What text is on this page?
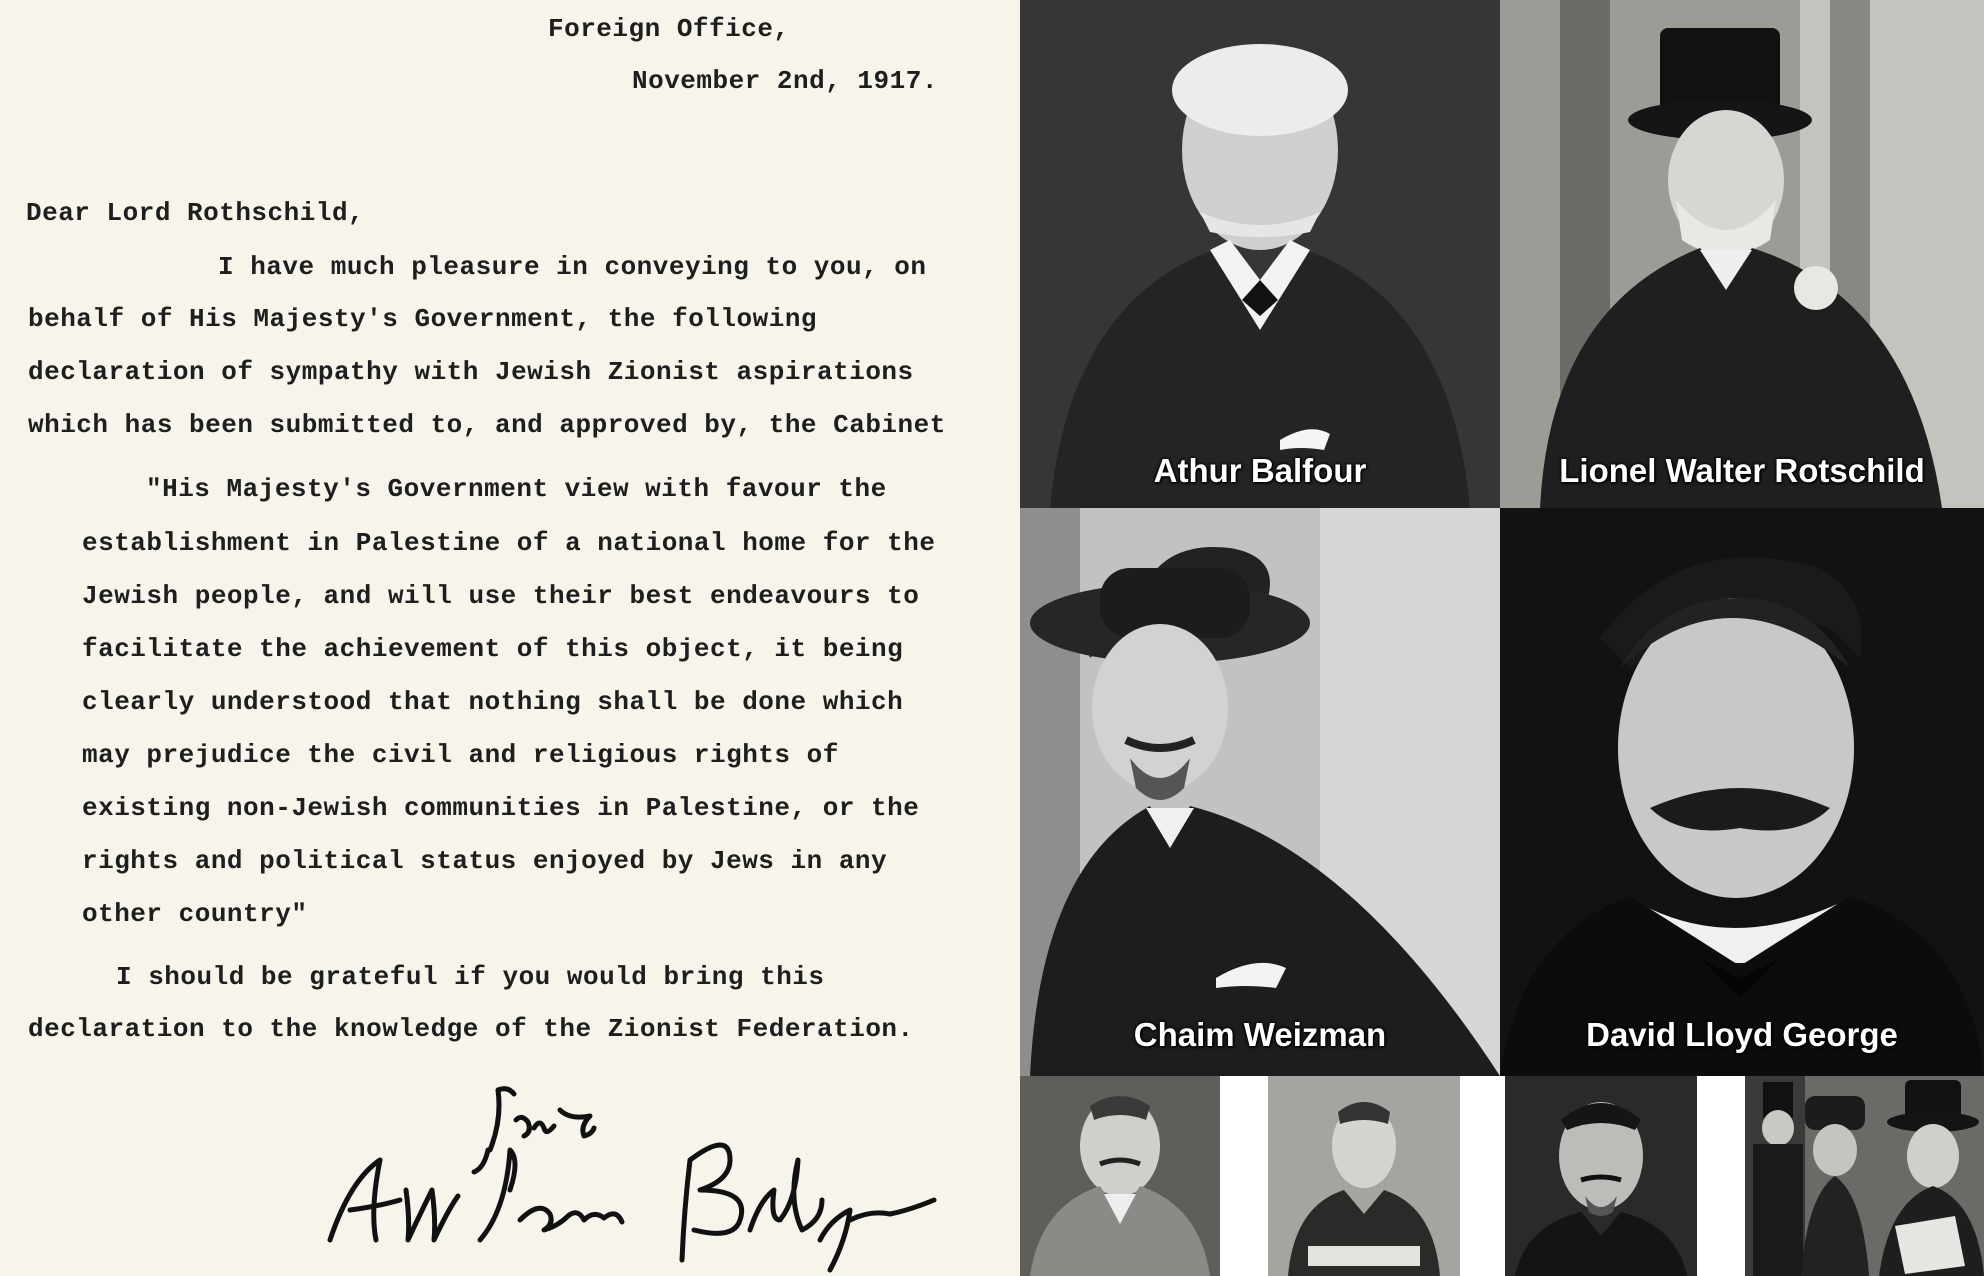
Foreign Office,

November 2nd, 1917.

Dear Lord Rothschild,

I have much pleasure in conveying to you, on

behalf of His Majesty's Government, the following

declaration of sympathy with Jewish Zionist aspirations

which has been submitted to, and approved by, the Cabinet

"His Majesty's Government view with favour the

establishment in Palestine of a national home for the

Jewish people, and will use their best endeavours to

facilitate the achievement of this object, it being

clearly understood that nothing shall be done which

may prejudice the civil and religious rights of

existing non-Jewish communities in Palestine, or the

rights and political status enjoyed by Jews in any

other country"

I should be grateful if you would bring this

declaration to the knowledge of the Zionist Federation.

Athur Balfour	Lionel Walter Rotschild
Chaim Weizman	David Lloyd George
